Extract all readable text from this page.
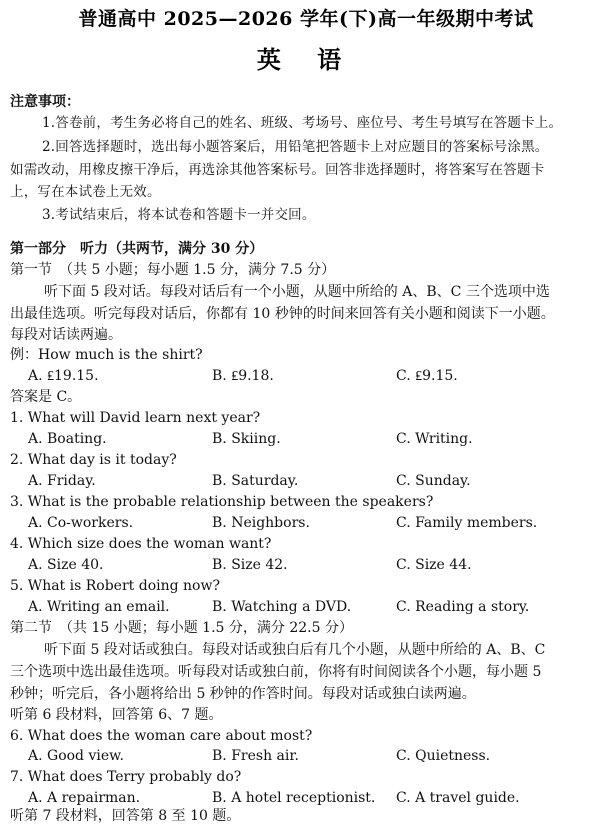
普通高中 2025—2026 学年(下)高一年级期中考试
英 语
注意事项：
1.答卷前，考生务必将自己的姓名、班级、考场号、座位号、考生号填写在答题卡上。
2.回答选择题时，选出每小题答案后，用铅笔把答题卡上对应题目的答案标号涂黑。
如需改动，用橡皮擦干净后，再选涂其他答案标号。回答非选择题时，将答案写在答题卡
上，写在本试卷上无效。
3.考试结束后，将本试卷和答题卡一并交回。
第一部分　听力（共两节，满分 30 分）
第一节　（共 5 小题；每小题 1.5 分，满分 7.5 分）
听下面 5 段对话。每段对话后有一个小题，从题中所给的 A、B、C 三个选项中选
出最佳选项。听完每段对话后，你都有 10 秒钟的时间来回答有关小题和阅读下一小题。
每段对话读两遍。
例：How much is the shirt?
A. ₤19.15.	B. ₤9.18.	C. ₤9.15.
答案是 C。
1. What will David learn next year?
A. Boating.	B. Skiing.	C. Writing.
2. What day is it today?
A. Friday.	B. Saturday.	C. Sunday.
3. What is the probable relationship between the speakers?
A. Co-workers.	B. Neighbors.	C. Family members.
4. Which size does the woman want?
A. Size 40.	B. Size 42.	C. Size 44.
5. What is Robert doing now?
A. Writing an email.	B. Watching a DVD.	C. Reading a story.
第二节　（共 15 小题；每小题 1.5 分，满分 22.5 分）
听下面 5 段对话或独白。每段对话或独白后有几个小题，从题中所给的 A、B、C
三个选项中选出最佳选项。听每段对话或独白前，你将有时间阅读各个小题，每小题 5
秒钟；听完后，各小题将给出 5 秒钟的作答时间。每段对话或独白读两遍。
听第 6 段材料，回答第 6、7 题。
6. What does the woman care about most?
A. Good view.	B. Fresh air.	C. Quietness.
7. What does Terry probably do?
A. A repairman.	B. A hotel receptionist. C. A travel guide.
听第 7 段材料，回答第 8 至 10 题。
